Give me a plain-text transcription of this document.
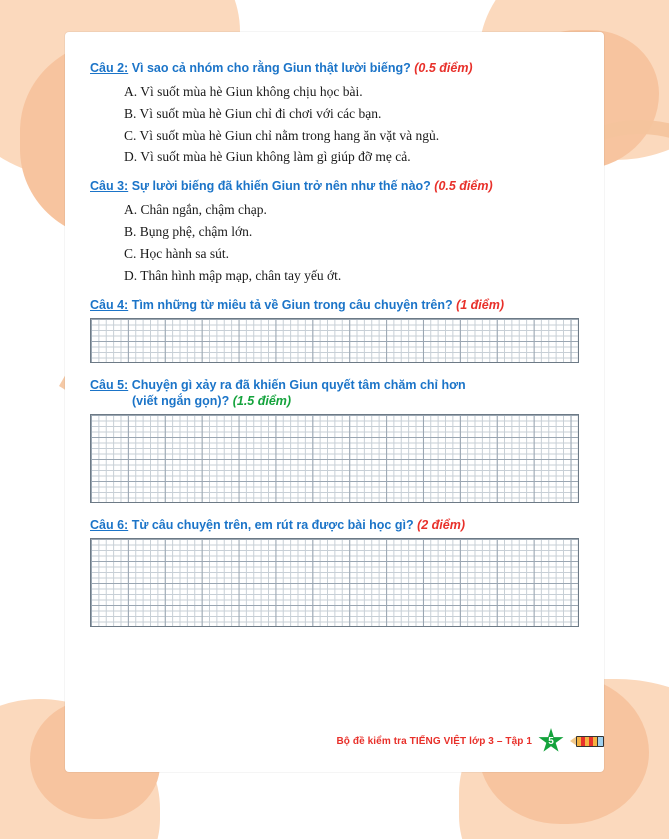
Câu 2: Vì sao cả nhóm cho rằng Giun thật lười biếng? (0.5 điểm)
A. Vì suốt mùa hè Giun không chịu học bài.
B. Vì suốt mùa hè Giun chỉ đi chơi với các bạn.
C. Vì suốt mùa hè Giun chỉ nằm trong hang ăn vặt và ngủ.
D. Vì suốt mùa hè Giun không làm gì giúp đỡ mẹ cả.
Câu 3: Sự lười biếng đã khiến Giun trở nên như thế nào? (0.5 điểm)
A. Chân ngắn, chậm chạp.
B. Bụng phệ, chậm lớn.
C. Học hành sa sút.
D. Thân hình mập mạp, chân tay yếu ớt.
Câu 4: Tìm những từ miêu tả về Giun trong câu chuyện trên? (1 điểm)
Câu 5: Chuyện gì xảy ra đã khiến Giun quyết tâm chăm chỉ hơn
(viết ngắn gọn)? (1.5 điểm)
Câu 6: Từ câu chuyện trên, em rút ra được bài học gì? (2 điểm)
Bộ đề kiểm tra TIẾNG VIỆT lớp 3 – Tập 1	5
